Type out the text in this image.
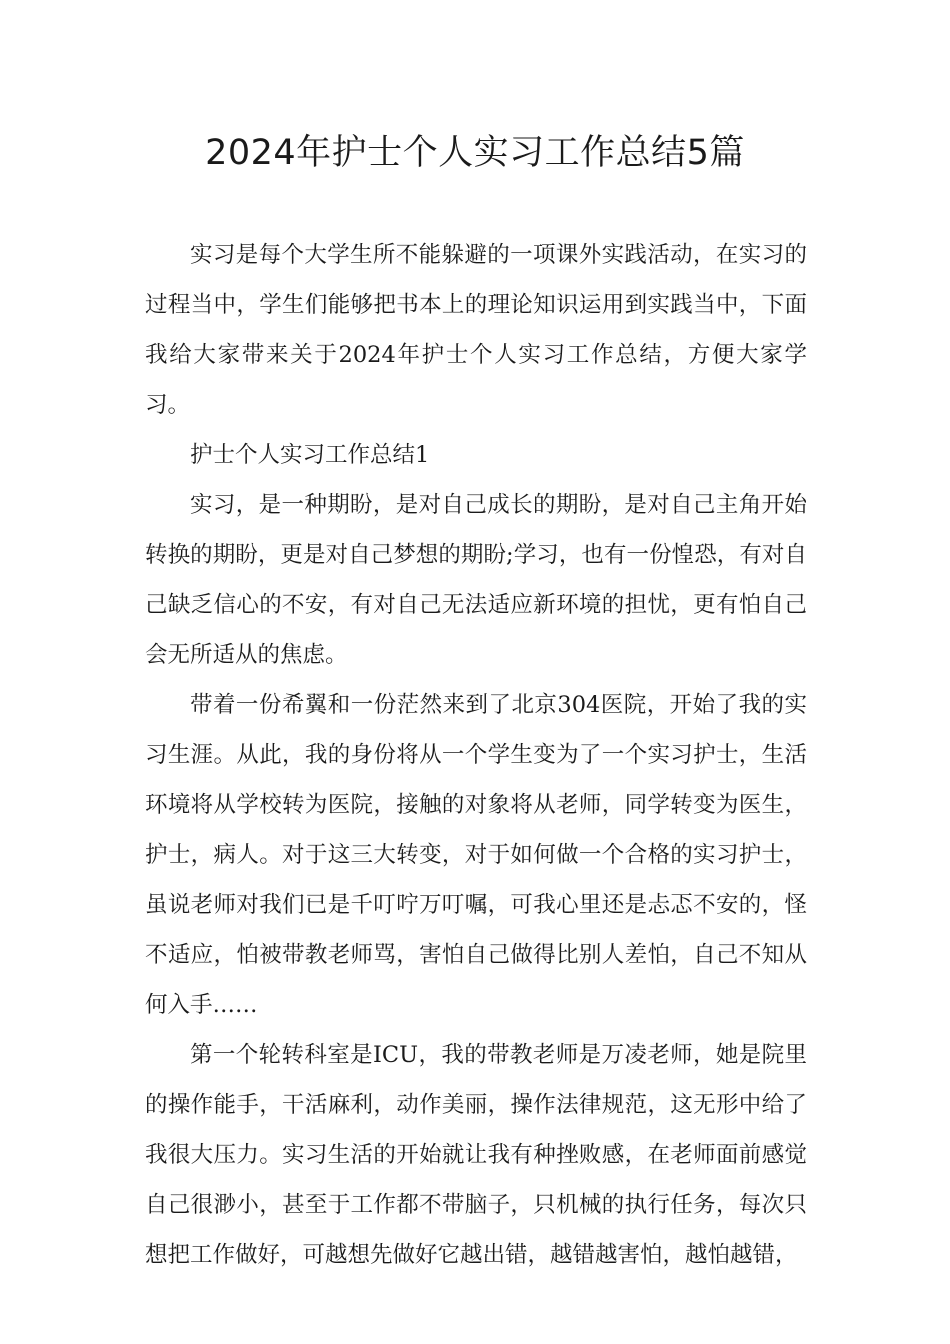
2024年护士个人实习工作总结5篇

实习是每个大学生所不能躲避的一项课外实践活动，在实习的过程当中，学生们能够把书本上的理论知识运用到实践当中，下面我给大家带来关于2024年护士个人实习工作总结，方便大家学习。

护士个人实习工作总结1

实习，是一种期盼，是对自己成长的期盼，是对自己主角开始转换的期盼，更是对自己梦想的期盼;学习，也有一份惶恐，有对自己缺乏信心的不安，有对自己无法适应新环境的担忧，更有怕自己会无所适从的焦虑。

带着一份希翼和一份茫然来到了北京304医院，开始了我的实习生涯。从此，我的身份将从一个学生变为了一个实习护士，生活环境将从学校转为医院，接触的对象将从老师，同学转变为医生，护士，病人。对于这三大转变，对于如何做一个合格的实习护士，虽说老师对我们已是千叮咛万叮嘱，可我心里还是忐忑不安的，怪不适应，怕被带教老师骂，害怕自己做得比别人差怕，自己不知从何入手……

第一个轮转科室是ICU，我的带教老师是万凌老师，她是院里的操作能手，干活麻利，动作美丽，操作法律规范，这无形中给了我很大压力。实习生活的开始就让我有种挫败感，在老师面前感觉自己很渺小，甚至于工作都不带脑子，只机械的执行任务，每次只想把工作做好，可越想先做好它越出错，越错越害怕，越怕越错，
